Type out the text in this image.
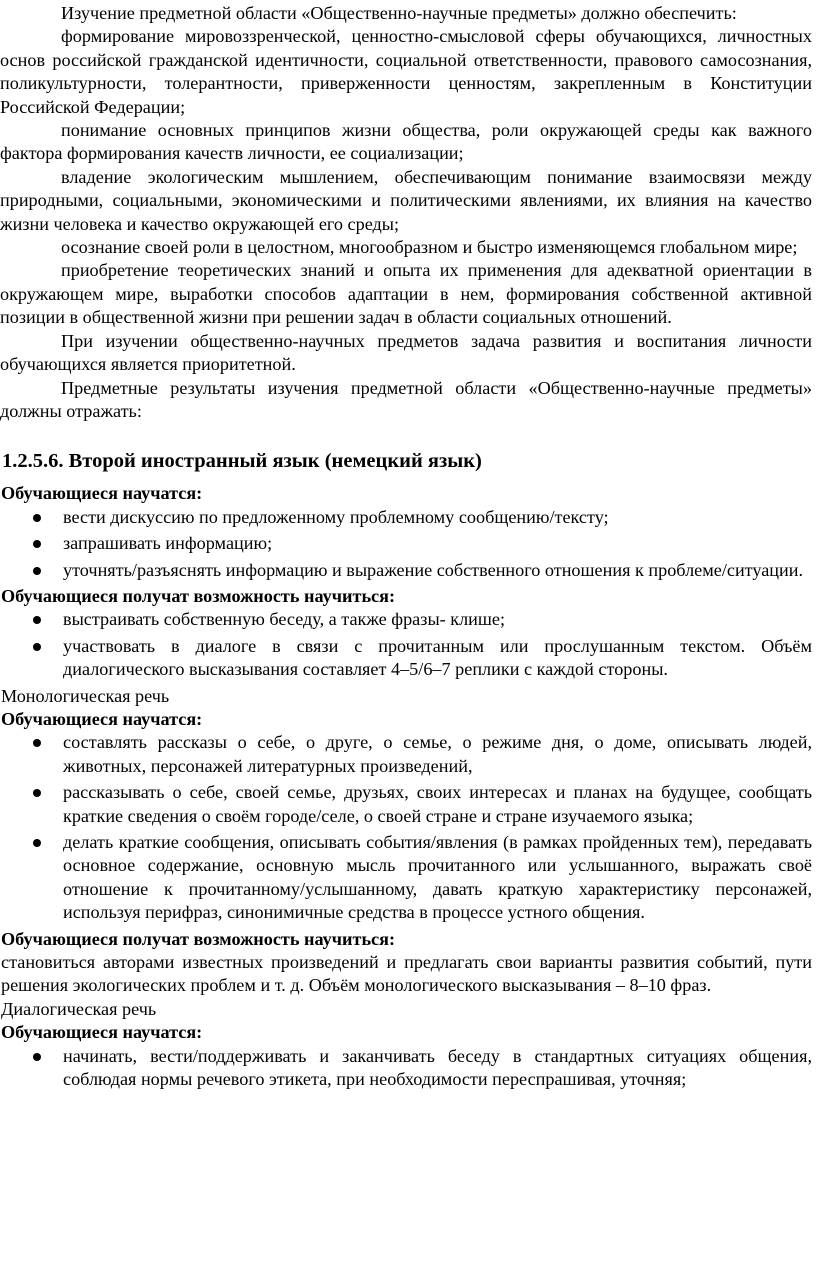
Изучение предметной области «Общественно-научные предметы» должно обеспечить:

формирование мировоззренческой, ценностно-смысловой сферы обучающихся, личностных основ российской гражданской идентичности, социальной ответственности, правового самосознания, поликультурности, толерантности, приверженности ценностям, закрепленным в Конституции Российской Федерации;

понимание основных принципов жизни общества, роли окружающей среды как важного фактора формирования качеств личности, ее социализации;

владение экологическим мышлением, обеспечивающим понимание взаимосвязи между природными, социальными, экономическими и политическими явлениями, их влияния на качество жизни человека и качество окружающей его среды;

осознание своей роли в целостном, многообразном и быстро изменяющемся глобальном мире;

приобретение теоретических знаний и опыта их применения для адекватной ориентации в окружающем мире, выработки способов адаптации в нем, формирования собственной активной позиции в общественной жизни при решении задач в области социальных отношений.

При изучении общественно-научных предметов задача развития и воспитания личности обучающихся является приоритетной.

Предметные результаты изучения предметной области «Общественно-научные предметы» должны отражать:

1.2.5.6. Второй иностранный язык (немецкий язык)

Обучающиеся научатся:

вести дискуссию по предложенному проблемному сообщению/тексту;
запрашивать информацию;
уточнять/разъяснять информацию и выражение собственного отношения к проблеме/ситуации.

Обучающиеся получат возможность научиться:

выстраивать собственную беседу, а также фразы- клише;
участвовать в диалоге в связи с прочитанным или прослушанным текстом. Объём диалогического высказывания составляет 4–5/6–7 реплики с каждой стороны.

Монологическая речь

Обучающиеся научатся:

составлять рассказы о себе, о друге, о семье, о режиме дня, о доме, описывать людей, животных, персонажей литературных произведений,
рассказывать о себе, своей семье, друзьях, своих интересах и планах на будущее, сообщать краткие сведения о своём городе/селе, о своей стране и стране изучаемого языка;
делать краткие сообщения, описывать события/явления (в рамках пройденных тем), передавать основное содержание, основную мысль прочитанного или услышанного, выражать своё отношение к прочитанному/услышанному, давать краткую характеристику персонажей, используя перифраз, синонимичные средства в процессе устного общения.

Обучающиеся получат возможность научиться:

становиться авторами известных произведений и предлагать свои варианты развития событий, пути решения экологических проблем и т. д. Объём монологического высказывания – 8–10 фраз.

Диалогическая речь

Обучающиеся научатся:

начинать, вести/поддерживать и заканчивать беседу в стандартных ситуациях общения, соблюдая нормы речевого этикета, при необходимости переспрашивая, уточняя;
